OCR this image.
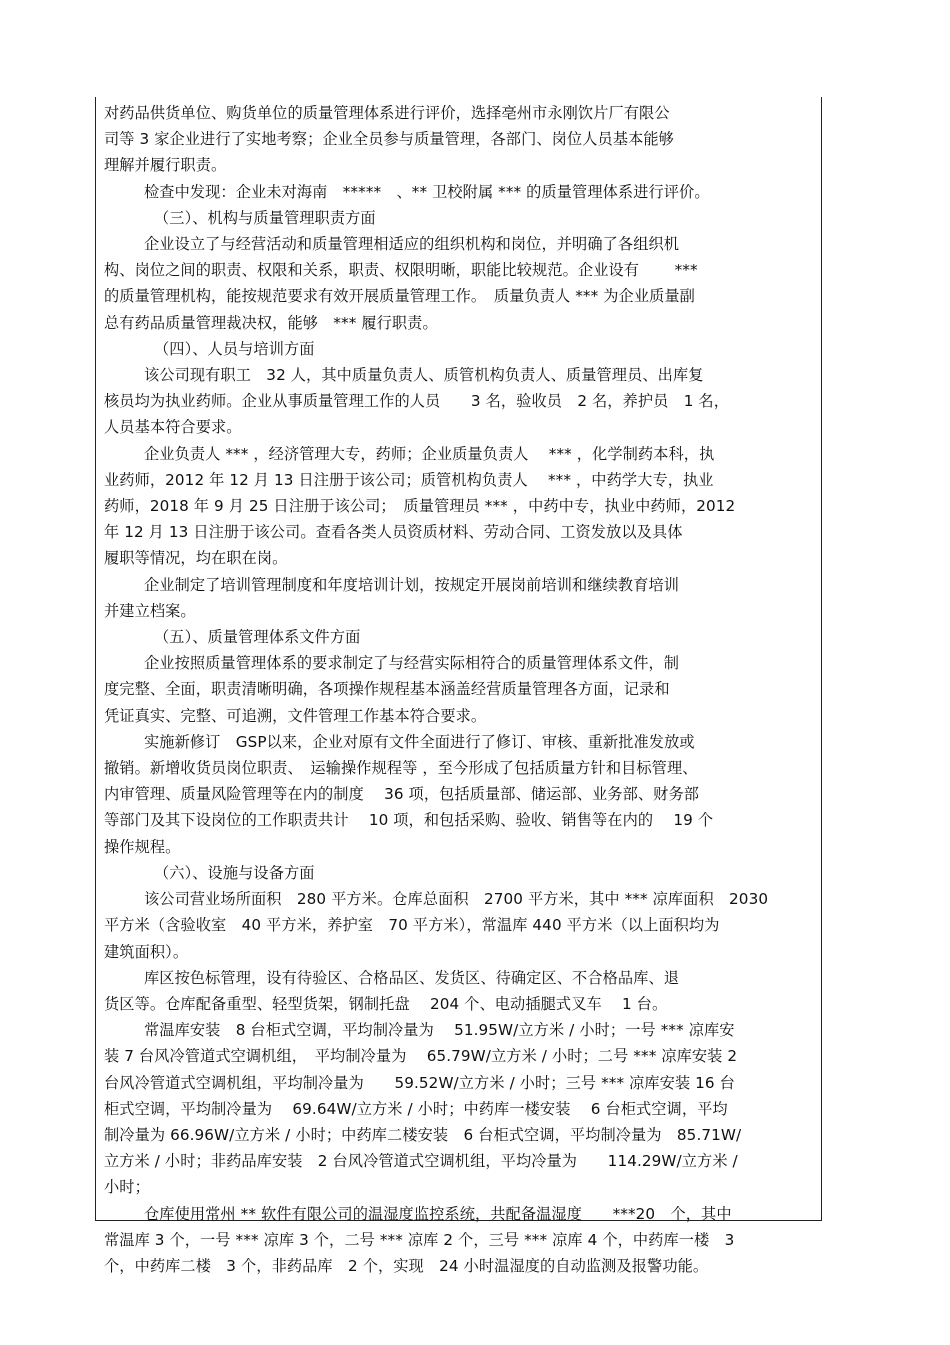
对药品供货单位、购货单位的质量管理体系进行评价，选择亳州市永刚饮片厂有限公

司等 3 家企业进行了实地考察；企业全员参与质量管理，各部门、岗位人员基本能够

理解并履行职责。

检查中发现：企业未对海南　*****　、** 卫校附属 *** 的质量管理体系进行评价。

（三）、机构与质量管理职责方面

企业设立了与经营活动和质量管理相适应的组织机构和岗位，并明确了各组织机

构、岗位之间的职责、权限和关系，职责、权限明晰，职能比较规范。企业设有　　 ***

的质量管理机构，能按规范要求有效开展质量管理工作。　质量负责人 *** 为企业质量副

总有药品质量管理裁决权，能够　*** 履行职责。

（四）、人员与培训方面

该公司现有职工　32 人，其中质量负责人、质管机构负责人、质量管理员、出库复

核员均为执业药师。企业从事质量管理工作的人员　　3 名，验收员　2 名，养护员　1 名，

人员基本符合要求。

企业负责人 *** ，经济管理大专，药师；企业质量负责人　 *** ，化学制药本科，执

业药师，2012 年 12 月 13 日注册于该公司；质管机构负责人　 *** ，中药学大专，执业

药师，2018 年 9 月 25 日注册于该公司；　质量管理员 *** ，中药中专，执业中药师，2012

年 12 月 13 日注册于该公司。查看各类人员资质材料、劳动合同、工资发放以及具体

履职等情况，均在职在岗。

企业制定了培训管理制度和年度培训计划，按规定开展岗前培训和继续教育培训

并建立档案。

（五）、质量管理体系文件方面

企业按照质量管理体系的要求制定了与经营实际相符合的质量管理体系文件，制

度完整、全面，职责清晰明确，各项操作规程基本涵盖经营质量管理各方面，记录和

凭证真实、完整、可追溯，文件管理工作基本符合要求。

实施新修订　GSP以来，企业对原有文件全面进行了修订、审核、重新批准发放或

撤销。新增收货员岗位职责、　运输操作规程等 ，至今形成了包括质量方针和目标管理、

内审管理、质量风险管理等在内的制度　 36 项，包括质量部、储运部、业务部、财务部

等部门及其下设岗位的工作职责共计　 10 项，和包括采购、验收、销售等在内的　 19 个

操作规程。

（六）、设施与设备方面

该公司营业场所面积　280 平方米。仓库总面积　2700 平方米，其中 *** 凉库面积　2030

平方米（含验收室　40 平方米，养护室　70 平方米），常温库 440 平方米（以上面积均为

建筑面积）。

库区按色标管理，设有待验区、合格品区、发货区、待确定区、不合格品库、退

货区等。仓库配备重型、轻型货架，钢制托盘　 204 个、电动插腿式叉车　 1 台。

常温库安装　8 台柜式空调，平均制冷量为　 51.95W/立方米 / 小时；一号 *** 凉库安

装 7 台风冷管道式空调机组，　平均制冷量为　 65.79W/立方米 / 小时；二号 *** 凉库安装 2

台风冷管道式空调机组，平均制冷量为　　59.52W/立方米 / 小时；三号 *** 凉库安装 16 台

柜式空调，平均制冷量为　 69.64W/立方米 / 小时；中药库一楼安装　 6 台柜式空调，平均

制冷量为 66.96W/立方米 / 小时；中药库二楼安装　6 台柜式空调，平均制冷量为　85.71W/

立方米 / 小时；非药品库安装　2 台风冷管道式空调机组，平均冷量为　　114.29W/立方米 /

小时；

仓库使用常州 ** 软件有限公司的温湿度监控系统，共配备温湿度　　***20　个，其中

常温库 3 个，一号 *** 凉库 3 个，二号 *** 凉库 2 个，三号 *** 凉库 4 个，中药库一楼　3

个，中药库二楼　3 个，非药品库　2 个，实现　24 小时温湿度的自动监测及报警功能。
